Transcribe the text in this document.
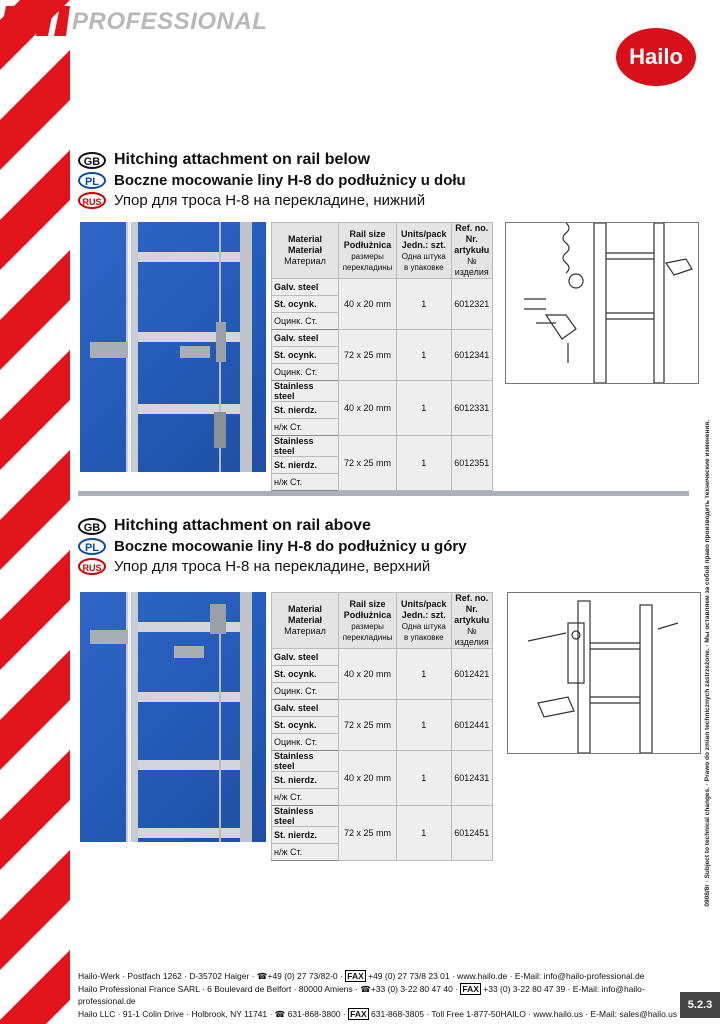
PROFESSIONAL
Hailo
GB Hitching attachment on rail below
PL Boczne mocowanie liny H-8 do podłużnicy u dołu
RUS Упор для троса H-8 на перекладине, нижний
Material
Materiał
Материал	Rail size
Podłużnica
размеры перекладины	Units/pack
Jedn.: szt.
Одна штука в упаковке	Ref. no.
Nr. artykułu
№ изделия
Galv. steel	40 x 20 mm	1	6012321
St. ocynk.			
Оцинк. Ст.			
Galv. steel	72 x 25 mm	1	6012341
St. ocynk.			
Оцинк. Ст.			
Stainless steel	40 x 20 mm	1	6012331
St. nierdz.			
н/ж Ст.			
Stainless steel	72 x 25 mm	1	6012351
St. nierdz.			
н/ж Ст.			
GB Hitching attachment on rail above
PL Boczne mocowanie liny H-8 do podłużnicy u góry
RUS Упор для троса H-8 на перекладине, верхний
Material
Materiał
Материал	Rail size
Podłużnica
размеры перекладины	Units/pack
Jedn.: szt.
Одна штука в упаковке	Ref. no.
Nr. artykułu
№ изделия
Galv. steel	40 x 20 mm	1	6012421
St. ocynk.			
Оцинк. Ст.			
Galv. steel	72 x 25 mm	1	6012441
St. ocynk.			
Оцинк. Ст.			
Stainless steel	40 x 20 mm	1	6012431
St. nierdz.			
н/ж Ст.			
Stainless steel	72 x 25 mm	1	6012451
St. nierdz.			
н/ж Ст.				0908/8r · Subject to technical changes. · Prawo do zmian technicznych zastrzeżone. · Мы оставляем за собой право производить технические изменения.
Hailo-Werk · Postfach 1262 · D-35702 Haiger · ☎+49 (0) 27 73/82-0 · FAX +49 (0) 27 73/8 23 01 · www.hailo.de · E-Mail: info@hailo-professional.de
Hailo Professional France SARL · 6 Boulevard de Belfort · 80000 Amiens · ☎+33 (0) 3-22 80 47 40 · FAX +33 (0) 3-22 80 47 39 · E-Mail: info@hailo-professional.de
Hailo LLC · 91-1 Colin Drive · Holbrook, NY 11741 · ☎ 631-868-3800 · FAX 631-868-3805 · Toll Free 1-877-50HAILO · www.hailo.us · E-Mail: sales@hailo.us
5.2.3
